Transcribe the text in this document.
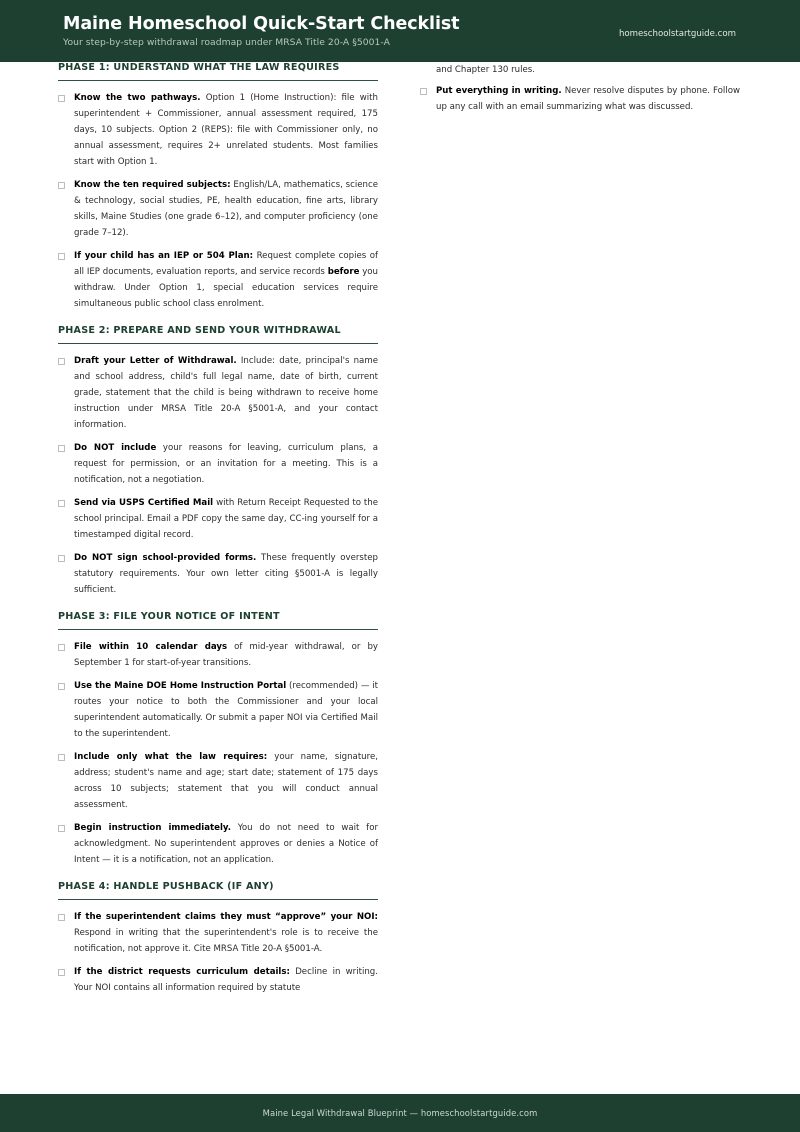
Maine Homeschool Quick-Start Checklist
Your step-by-step withdrawal roadmap under MRSA Title 20-A §5001-A
homeschoolstartguide.com
PHASE 1: UNDERSTAND WHAT THE LAW REQUIRES
Know the two pathways. Option 1 (Home Instruction): file with superintendent + Commissioner, annual assessment required, 175 days, 10 subjects. Option 2 (REPS): file with Commissioner only, no annual assessment, requires 2+ unrelated students. Most families start with Option 1.
Know the ten required subjects: English/LA, mathematics, science & technology, social studies, PE, health education, fine arts, library skills, Maine Studies (one grade 6–12), and computer proficiency (one grade 7–12).
If your child has an IEP or 504 Plan: Request complete copies of all IEP documents, evaluation reports, and service records before you withdraw. Under Option 1, special education services require simultaneous public school class enrolment.
PHASE 2: PREPARE AND SEND YOUR WITHDRAWAL
Draft your Letter of Withdrawal. Include: date, principal's name and school address, child's full legal name, date of birth, current grade, statement that the child is being withdrawn to receive home instruction under MRSA Title 20-A §5001-A, and your contact information.
Do NOT include your reasons for leaving, curriculum plans, a request for permission, or an invitation for a meeting. This is a notification, not a negotiation.
Send via USPS Certified Mail with Return Receipt Requested to the school principal. Email a PDF copy the same day, CC-ing yourself for a timestamped digital record.
Do NOT sign school-provided forms. These frequently overstep statutory requirements. Your own letter citing §5001-A is legally sufficient.
PHASE 3: FILE YOUR NOTICE OF INTENT
File within 10 calendar days of mid-year withdrawal, or by September 1 for start-of-year transitions.
Use the Maine DOE Home Instruction Portal (recommended) — it routes your notice to both the Commissioner and your local superintendent automatically. Or submit a paper NOI via Certified Mail to the superintendent.
Include only what the law requires: your name, signature, address; student's name and age; start date; statement of 175 days across 10 subjects; statement that you will conduct annual assessment.
Begin instruction immediately. You do not need to wait for acknowledgment. No superintendent approves or denies a Notice of Intent — it is a notification, not an application.
PHASE 4: HANDLE PUSHBACK (IF ANY)
If the superintendent claims they must “approve” your NOI: Respond in writing that the superintendent's role is to receive the notification, not approve it. Cite MRSA Title 20-A §5001-A.
If the district requests curriculum details: Decline in writing. Your NOI contains all information required by statute
and Chapter 130 rules.
Put everything in writing. Never resolve disputes by phone. Follow up any call with an email summarizing what was discussed.
Maine Legal Withdrawal Blueprint — homeschoolstartguide.com
